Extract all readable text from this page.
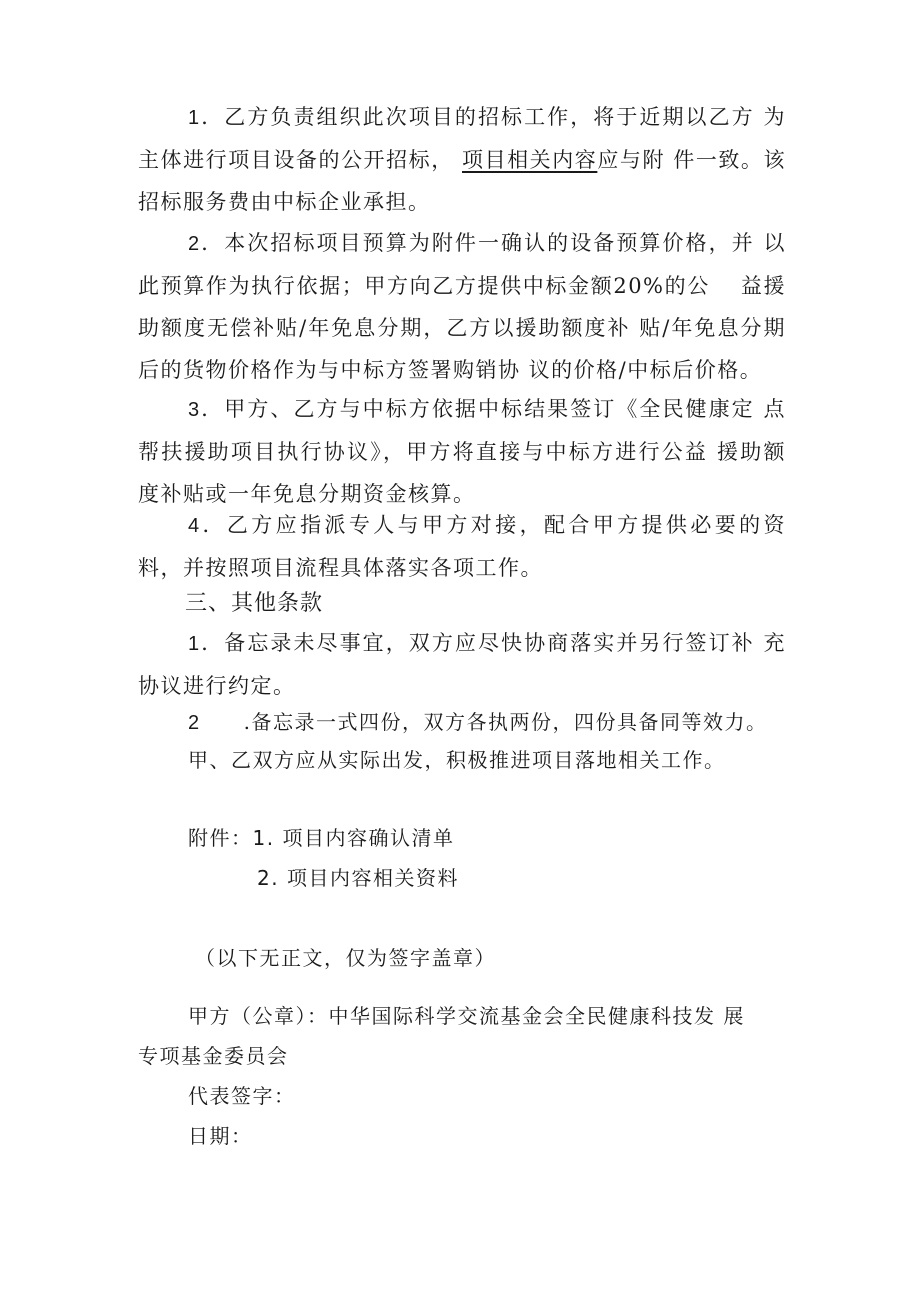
1．乙方负责组织此次项目的招标工作，将于近期以乙方 为主体进行项目设备的公开招标， 项目相关内容应与附 件一致。该招标服务费由中标企业承担。

2．本次招标项目预算为附件一确认的设备预算价格，并 以此预算作为执行依据；甲方向乙方提供中标金额20%的公　 益援助额度无偿补贴/年免息分期，乙方以援助额度补 贴/年免息分期后的货物价格作为与中标方签署购销协 议的价格/中标后价格。

3．甲方、乙方与中标方依据中标结果签订《全民健康定 点帮扶援助项目执行协议》，甲方将直接与中标方进行公益 援助额度补贴或一年免息分期资金核算。

4．乙方应指派专人与甲方对接，配合甲方提供必要的资 料，并按照项目流程具体落实各项工作。

三、其他条款

1．备忘录未尽事宜，双方应尽快协商落实并另行签订补 充协议进行约定。

2　　.备忘录一式四份，双方各执两份，四份具备同等效力。

甲、乙双方应从实际出发，积极推进项目落地相关工作。

附件：1. 项目内容确认清单

2. 项目内容相关资料

（以下无正文，仅为签字盖章）

甲方（公章）：中华国际科学交流基金会全民健康科技发 展

专项基金委员会

代表签字：

日期：
